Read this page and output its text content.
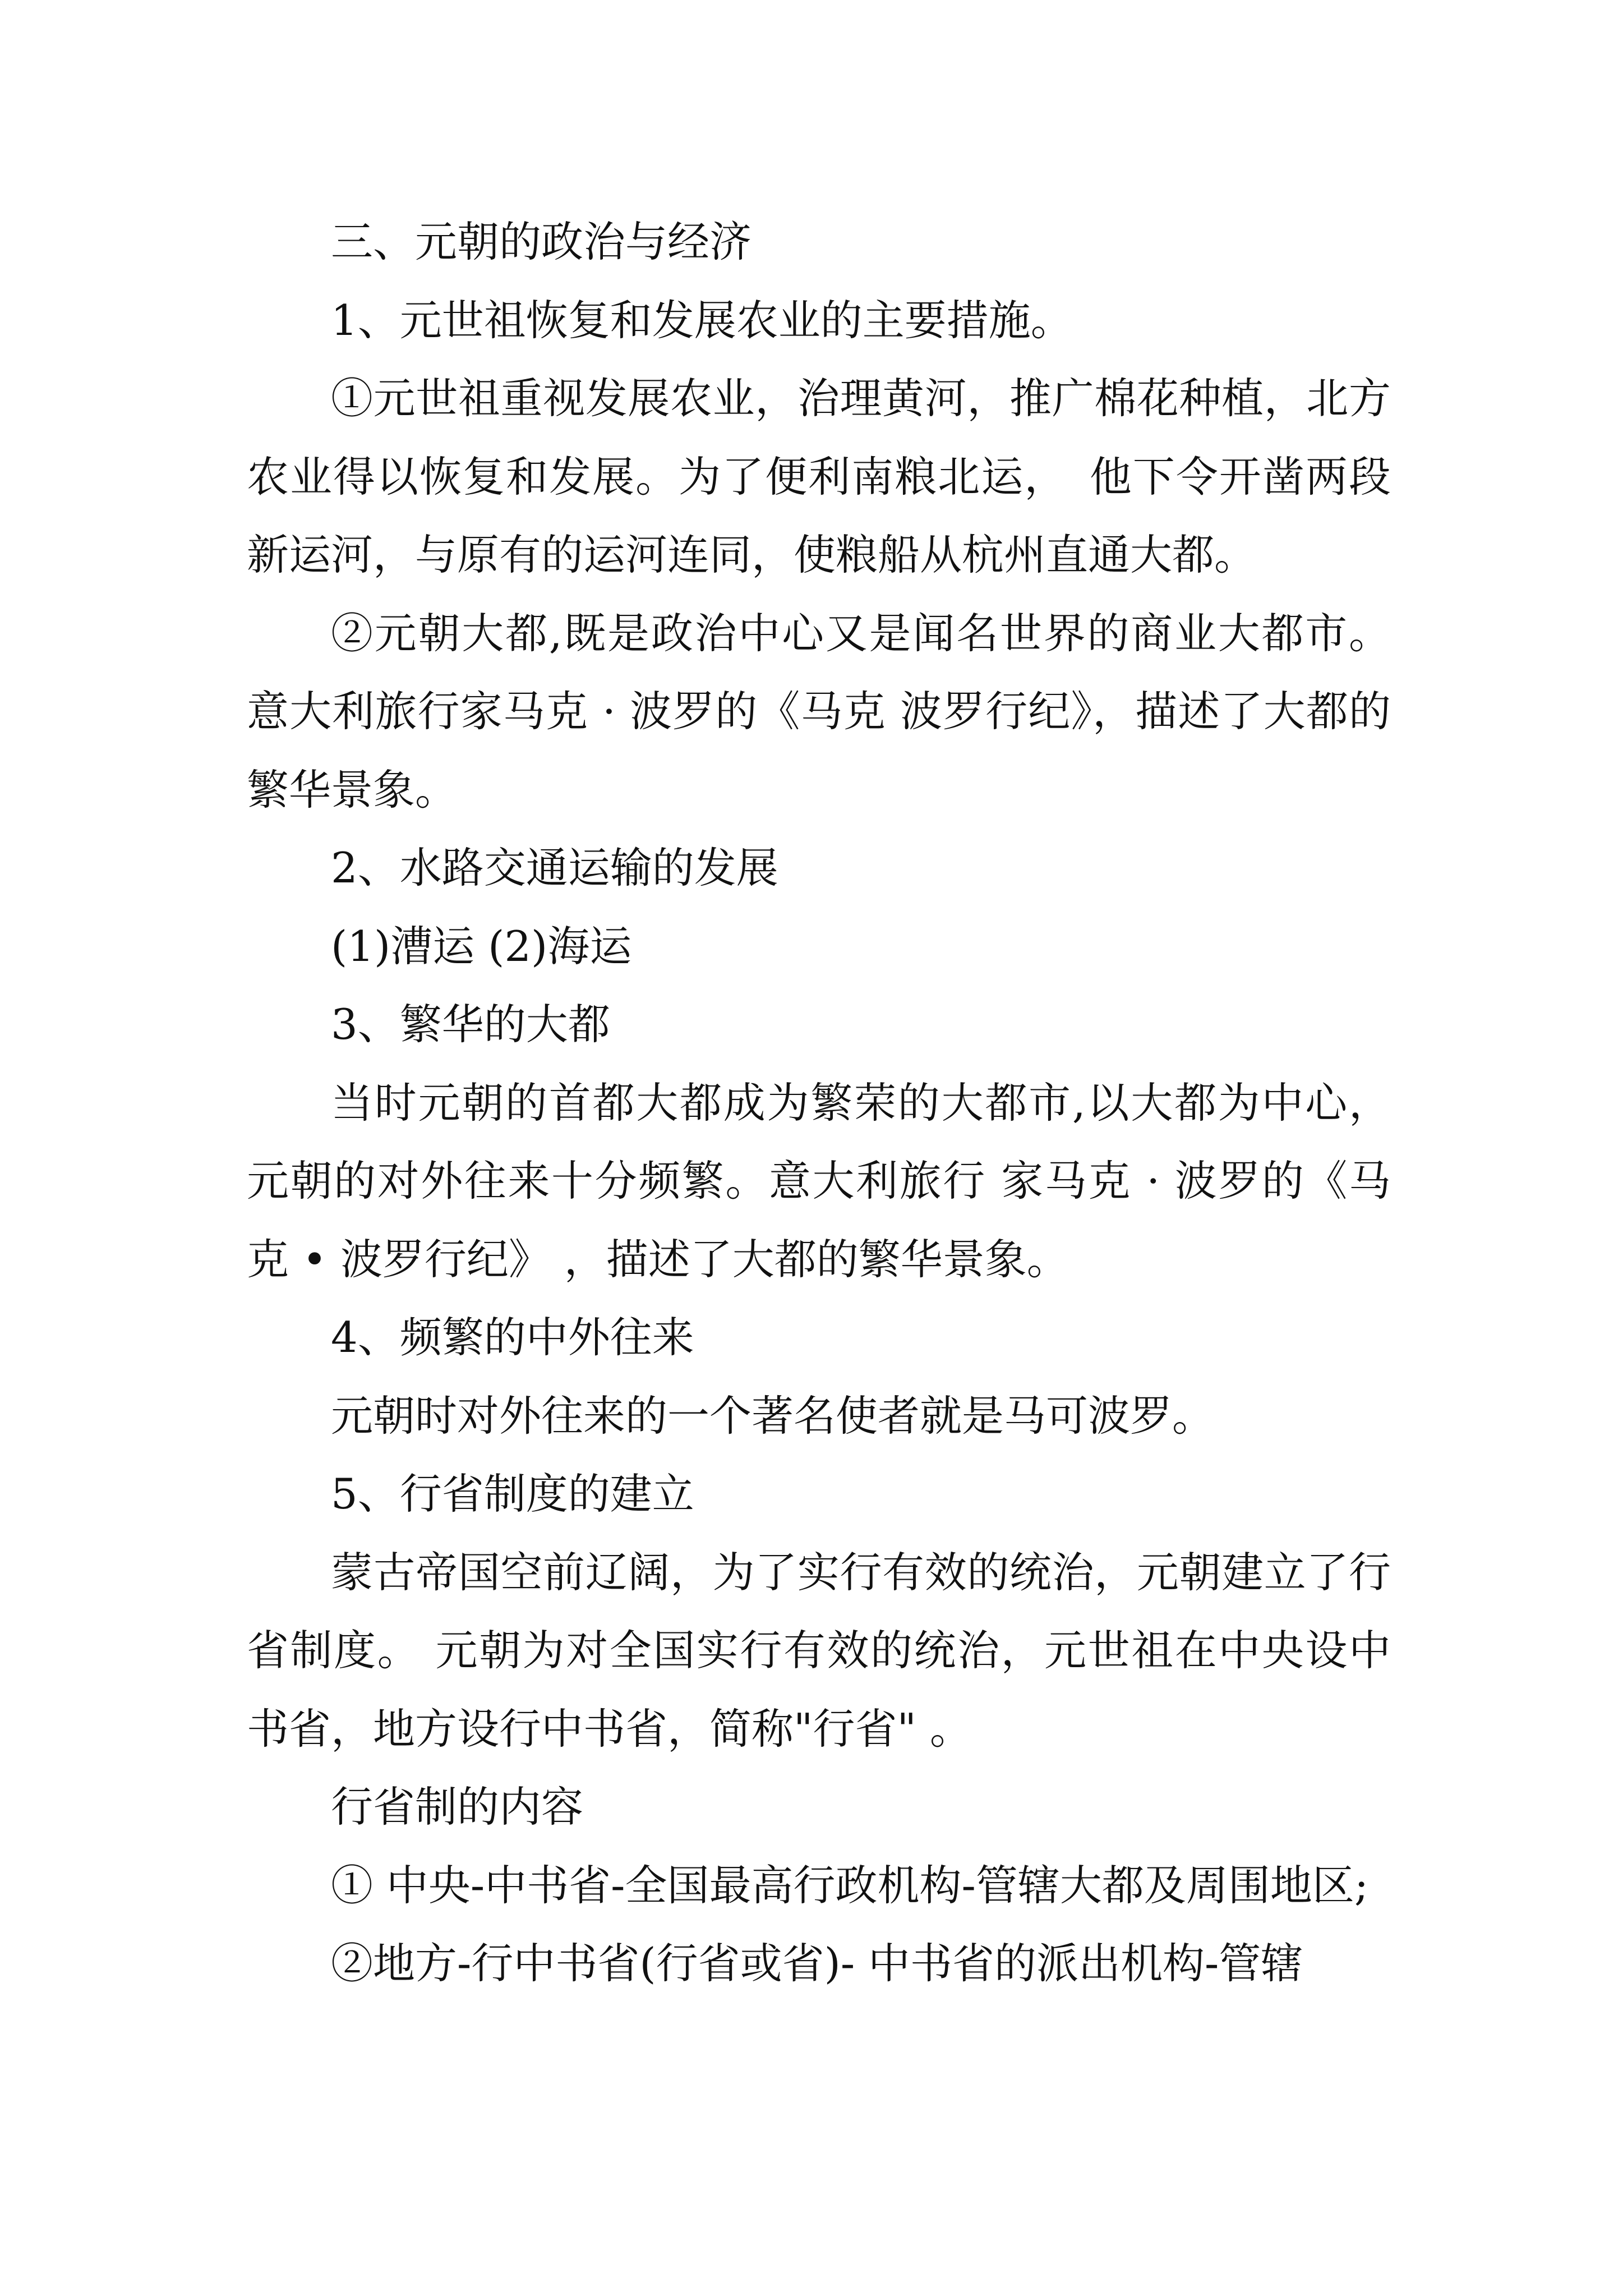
三、元朝的政治与经济

1、元世祖恢复和发展农业的主要措施。

①元世祖重视发展农业，治理黄河，推广棉花种植，北方农业得以恢复和发展。为了便利南粮北运，　他下令开凿两段新运河，与原有的运河连同，使粮船从杭州直通大都。

②元朝大都,既是政治中心又是闻名世界的商业大都市。意大利旅行家马克 · 波罗的《马克 波罗行纪》，描述了大都的繁华景象。

2、水路交通运输的发展

(1)漕运 (2)海运

3、繁华的大都

当时元朝的首都大都成为繁荣的大都市,以大都为中心，元朝的对外往来十分频繁。意大利旅行 家马克 · 波罗的《马克 • 波罗行纪》 ，描述了大都的繁华景象。

4、频繁的中外往来

元朝时对外往来的一个著名使者就是马可波罗。

5、行省制度的建立

蒙古帝国空前辽阔，为了实行有效的统治，元朝建立了行省制度。 元朝为对全国实行有效的统治，元世祖在中央设中书省，地方设行中书省，简称"行省" 。

行省制的内容

① 中央-中书省-全国最高行政机构-管辖大都及周围地区;

②地方-行中书省(行省或省)- 中书省的派出机构-管辖
